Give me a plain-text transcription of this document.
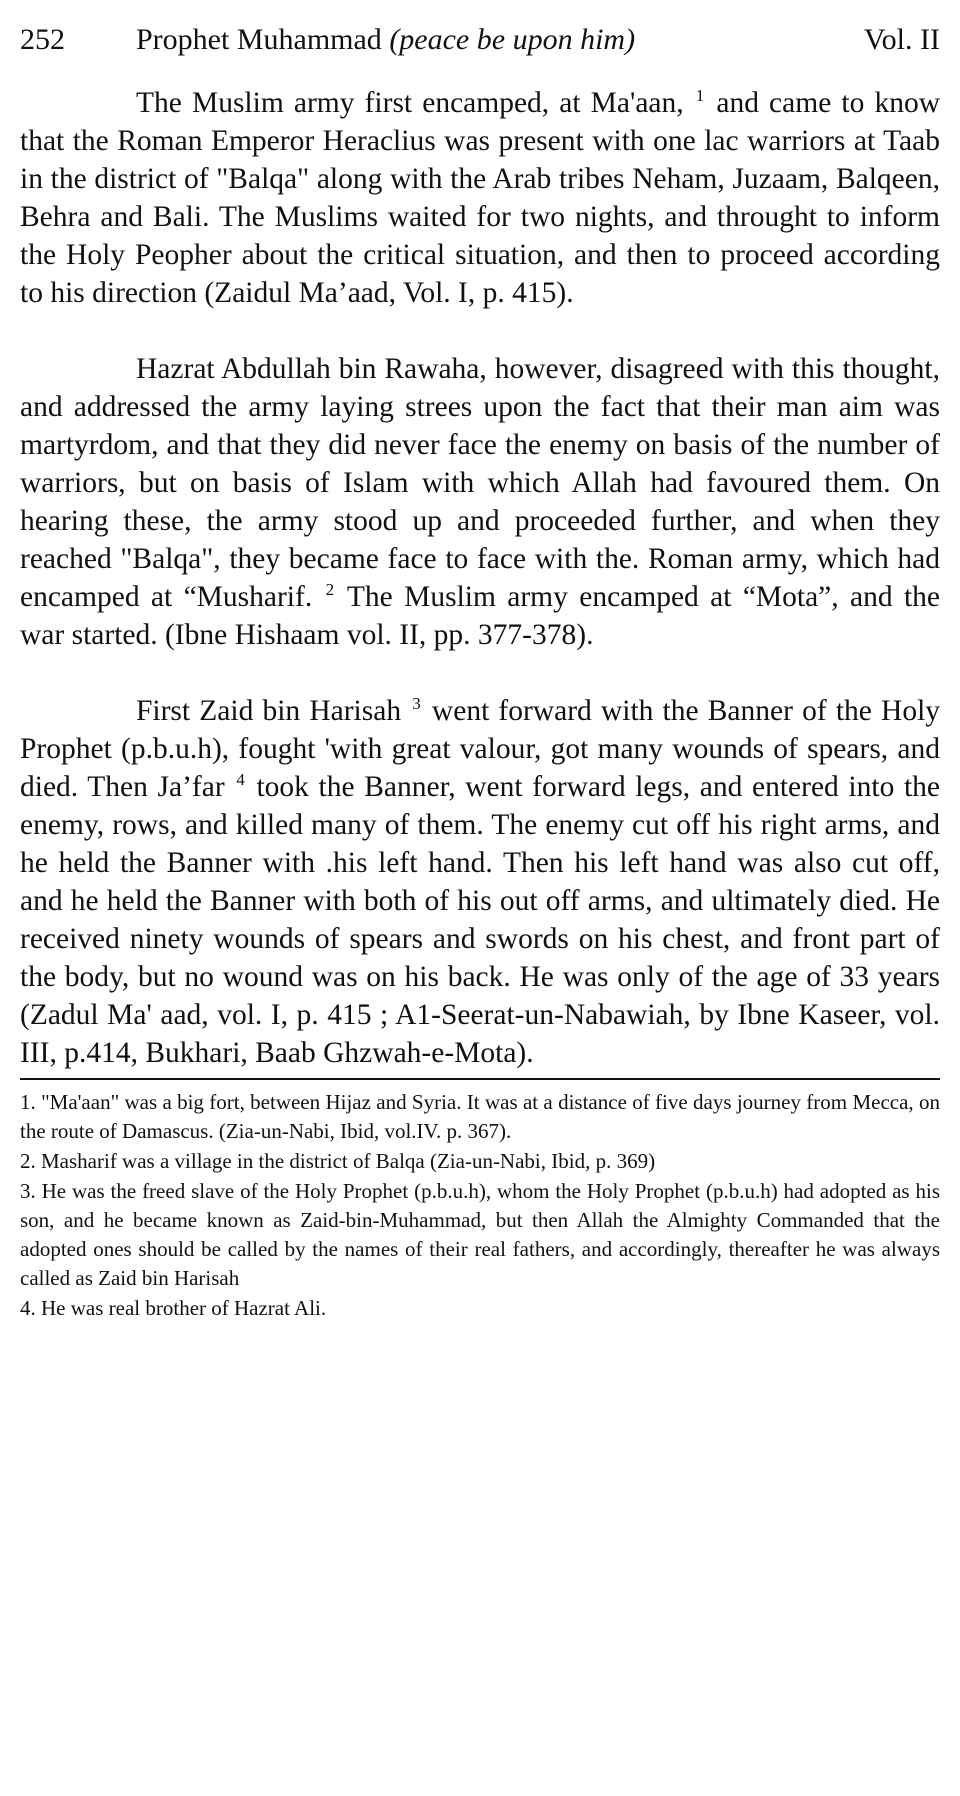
252	Prophet Muhammad (peace be upon him)	Vol. II

The Muslim army first encamped, at Ma'aan, $^1$ and came to know that the Roman Emperor Heraclius was present with one lac warriors at Taab in the district of "Balqa" along with the Arab tribes Neham, Juzaam, Balqeen, Behra and Bali. The Muslims waited for two nights, and throught to inform the Holy Peopher about the critical situation, and then to proceed according to his direction (Zaidul Ma’aad, Vol. I, p. 415).

Hazrat Abdullah bin Rawaha, however, disagreed with this thought, and addressed the army laying strees upon the fact that their man aim was martyrdom, and that they did never face the enemy on basis of the number of warriors, but on basis of Islam with which Allah had favoured them. On hearing these, the army stood up and proceeded further, and when they reached "Balqa", they became face to face with the. Roman army, which had encamped at “Musharif. $^2$ The Muslim army encamped at “Mota”, and the war started. (Ibne Hishaam vol. II, pp. 377-378).

First Zaid bin Harisah $^3$ went forward with the Banner of the Holy Prophet (p.b.u.h), fought 'with great valour, got many wounds of spears, and died. Then Ja’far $^4$ took the Banner, went forward legs, and entered into the enemy, rows, and killed many of them. The enemy cut off his right arms, and he held the Banner with .his left hand. Then his left hand was also cut off, and he held the Banner with both of his out off arms, and ultimately died. He received ninety wounds of spears and swords on his chest, and front part of the body, but no wound was on his back. He was only of the age of 33 years (Zadul Ma' aad, vol. I, p. 415 ; A1-Seerat-un-Nabawiah, by Ibne Kaseer, vol. III, p.414, Bukhari, Baab Ghzwah-e-Mota).

1. "Ma'aan" was a big fort, between Hijaz and Syria. It was at a distance of five days journey from Mecca, on the route of Damascus. (Zia-un-Nabi, Ibid, vol.IV. p. 367).

2. Masharif was a village in the district of Balqa (Zia-un-Nabi, Ibid, p. 369)

3. He was the freed slave of the Holy Prophet (p.b.u.h), whom the Holy Prophet (p.b.u.h) had adopted as his son, and he became known as Zaid-bin-Muhammad, but then Allah the Almighty Commanded that the adopted ones should be called by the names of their real fathers, and accordingly, thereafter he was always called as Zaid bin Harisah

4. He was real brother of Hazrat Ali.
